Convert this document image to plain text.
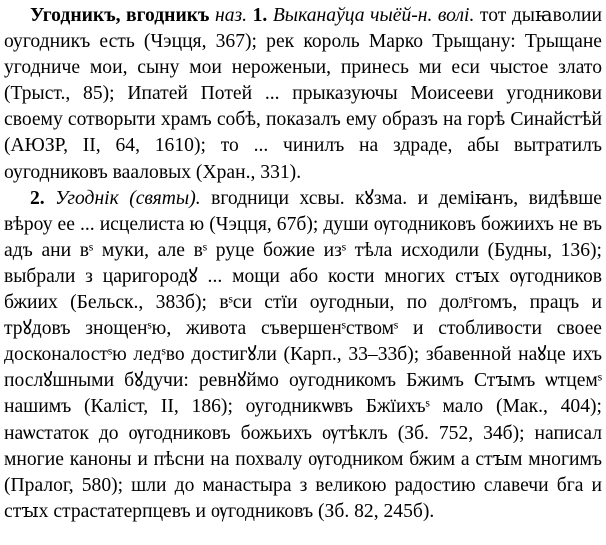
Угодникъ, вгодникъ наз. 1. Выканаўца чыёй-н. волі. тот дыꙗволии оугодникъ есть (Чэцця, 367); рек король Марко Трыщану: Трыщане угодниче мои, сыну мои нероженыи, принесь ми еси чыстое злато (Трыст., 85); Ипатей Потей ... прыказуючы Моисееви угодникови своему сотворыти храмъ собѣ, показалъ ему образъ на горѣ Синайстѣй (АЮЗР, II, 64, 1610); то ... чинилъ на здраде, абы вытратилъ оугодниковъ вааловых (Хран., 331).

2. Угоднік (святы). вгодници хсвы. кꙋзма. и демiꙗнъ, видѣвше вѣроу ее ... исцелиста ю (Чэцця, 67б); души ѹгодниковъ божиихъ не въ адъ ани вˢ муки, але вˢ руце божие изˢ тѣла исходили (Будны, 136); выбрали з царигородꙋ ... мощи або кости многих стꙑх ѹгодников бжиих (Бельск., 383б); вˢси стїи оугодныи, по долˢгомъ, працъ и трꙋдовъ знощенˢю, живота съвершенˢствомˢ и стобливости своее досконалостˢю ледˢво достигꙋли (Карп., 33–33б); збавенной наꙋце ихъ послꙋшными бꙋдучи: ревнꙋймо оугодникомъ Бжимъ Стꙑмъ ѡтцемˢ нашимъ (Каліст, II, 186); оугодникѡвъ Бжїихъˢ мало (Мак., 404); наѡстаток до ѹгодниковъ божьихъ ѹтѣклъ (Зб. 752, 34б); написал многие каноны и пѣсни на похвалу ѹгодником бжим а стꙑм многимъ (Пралог, 580); шли до манастыра з великою радостию славечи бга и стꙑх страстатерпцевъ и ѹгодниковъ (Зб. 82, 245б).
